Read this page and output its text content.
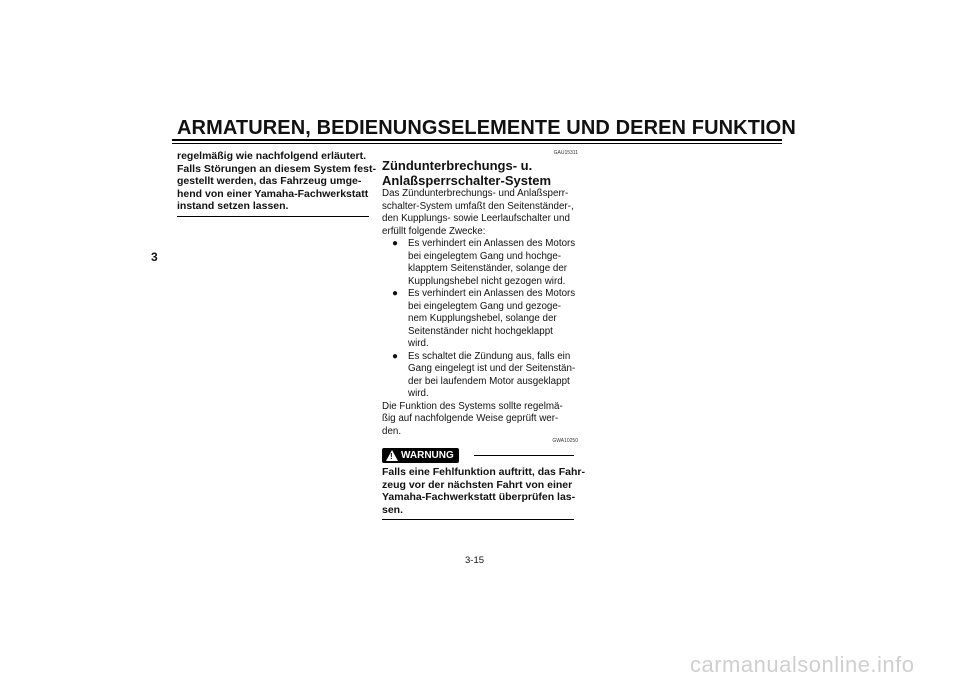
ARMATUREN, BEDIENUNGSELEMENTE UND DEREN FUNKTION
3
regelmäßig wie nachfolgend erläutert.
Falls Störungen an diesem System fest-
gestellt werden, das Fahrzeug umge-
hend von einer Yamaha-Fachwerkstatt
instand setzen lassen.
GAU15311
Zündunterbrechungs- u.
Anlaßsperrschalter-System
Das Zündunterbrechungs- und Anlaßsperr-
schalter-System umfaßt den Seitenständer-,
den Kupplungs- sowie Leerlaufschalter und
erfüllt folgende Zwecke:
● Es verhindert ein Anlassen des Motors
bei eingelegtem Gang und hochge-
klapptem Seitenständer, solange der
Kupplungshebel nicht gezogen wird.
● Es verhindert ein Anlassen des Motors
bei eingelegtem Gang und gezoge-
nem Kupplungshebel, solange der
Seitenständer nicht hochgeklappt
wird.
● Es schaltet die Zündung aus, falls ein
Gang eingelegt ist und der Seitenstän-
der bei laufendem Motor ausgeklappt
wird.
Die Funktion des Systems sollte regelmä-
ßig auf nachfolgende Weise geprüft wer-
den.
GWA10250
! WARNUNG
Falls eine Fehlfunktion auftritt, das Fahr-
zeug vor der nächsten Fahrt von einer
Yamaha-Fachwerkstatt überprüfen las-
sen.
3-15
carmanualsonline.info
